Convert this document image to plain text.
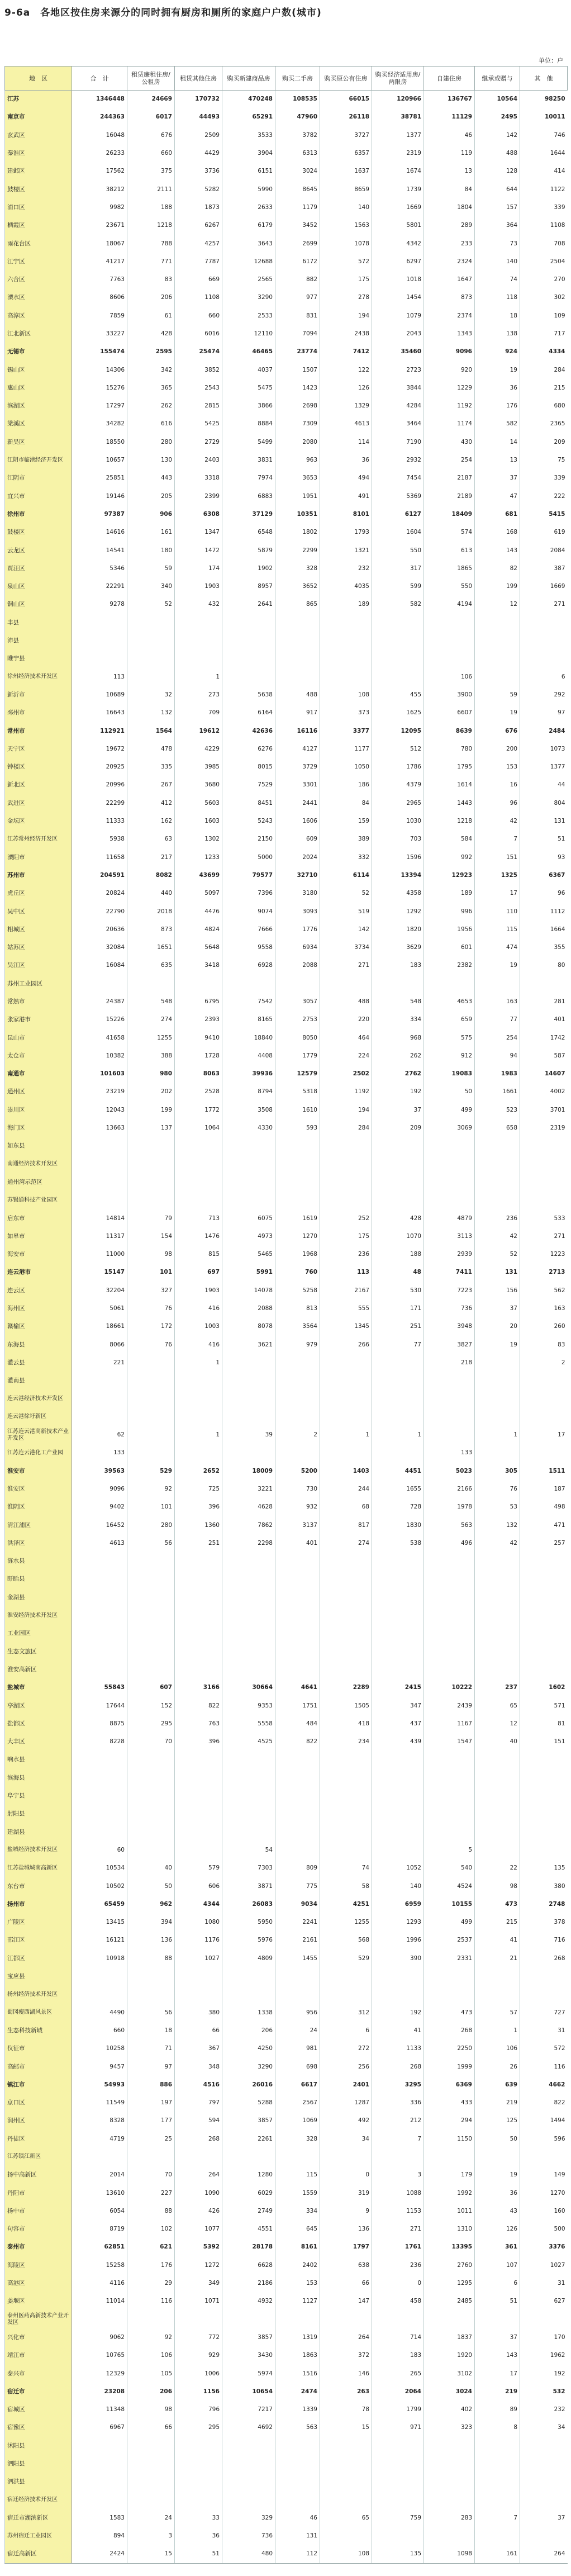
9-6a　各地区按住房来源分的同时拥有厨房和厕所的家庭户户数(城市)
单位：户
地　区	合　计	租赁廉租住房/公租房	租赁其他住房	购买新建商品房	购买二手房	购买原公有住房	购买经济适用房/两限房	自建住房	继承或赠与	其　他
江苏	1346448	24669	170732	470248	108535	66015	120966	136767	10564	98250
南京市	244363	6017	44493	65291	47960	26118	38781	11129	2495	10011
玄武区	16048	676	2509	3533	3782	3727	1377	46	142	746
秦淮区	26233	660	4429	3904	6313	6357	2319	119	488	1644
建邺区	17562	375	3736	6151	3024	1637	1674	13	128	414
鼓楼区	38212	2111	5282	5990	8645	8659	1739	84	644	1122
浦口区	9982	188	1873	2633	1179	140	1669	1804	157	339
栖霞区	23671	1218	6267	6179	3452	1563	5801	289	364	1108
雨花台区	18067	788	4257	3643	2699	1078	4342	233	73	708
江宁区	41217	771	7787	12688	6172	572	6297	2324	140	2504
六合区	7763	83	669	2565	882	175	1018	1647	74	270
溧水区	8606	206	1108	3290	977	278	1454	873	118	302
高淳区	7859	61	660	2533	831	194	1079	2374	18	109
江北新区	33227	428	6016	12110	7094	2438	2043	1343	138	717
无锡市	155474	2595	25474	46465	23774	7412	35460	9096	924	4334
锡山区	14306	342	3852	4037	1507	122	2723	920	19	284
惠山区	15276	365	2543	5475	1423	126	3844	1229	36	215
滨湖区	17297	262	2815	3866	2698	1329	4284	1192	176	680
梁溪区	34282	616	5425	8884	7309	4613	3464	1174	582	2365
新吴区	18550	280	2729	5499	2080	114	7190	430	14	209
江阴市临港经济开发区	10657	130	2403	3831	963	36	2932	254	13	75
江阴市	25851	443	3318	7974	3653	494	7454	2187	37	339
宜兴市	19146	205	2399	6883	1951	491	5369	2189	47	222
徐州市	97387	906	6308	37129	10351	8101	6127	18409	681	5415
鼓楼区	14616	161	1347	6548	1802	1793	1604	574	168	619
云龙区	14541	180	1472	5879	2299	1321	550	613	143	2084
贾汪区	5346	59	174	1902	328	232	317	1865	82	387
泉山区	22291	340	1903	8957	3652	4035	599	550	199	1669
铜山区	9278	52	432	2641	865	189	582	4194	12	271
丰县										
沛县										
睢宁县										
徐州经济技术开发区	113		1					106		6
新沂市	10689	32	273	5638	488	108	455	3900	59	292
邳州市	16643	132	709	6164	917	373	1625	6607	19	97
常州市	112921	1564	19612	42636	16116	3377	12095	8639	676	2484
天宁区	19672	478	4229	6276	4127	1177	512	780	200	1073
钟楼区	20925	335	3985	8015	3729	1050	1786	1795	153	1377
新北区	20996	267	3680	7529	3301	186	4379	1614	16	44
武进区	22299	412	5603	8451	2441	84	2965	1443	96	804
金坛区	11333	162	1603	5243	1606	159	1030	1218	42	131
江苏常州经济开发区	5938	63	1302	2150	609	389	703	584	7	51
溧阳市	11658	217	1233	5000	2024	332	1596	992	151	93
苏州市	204591	8082	43699	79577	32710	6114	13394	12923	1325	6367
虎丘区	20824	440	5097	7396	3180	52	4358	189	17	96
吴中区	22790	2018	4476	9074	3093	519	1292	996	110	1112
相城区	20636	873	4824	7666	1776	142	1820	1956	115	1664
姑苏区	32084	1651	5648	9558	6934	3734	3629	601	474	355
吴江区	16084	635	3418	6928	2088	271	183	2382	19	80
苏州工业园区										
常熟市	24387	548	6795	7542	3057	488	548	4653	163	281
张家港市	15226	274	2393	8165	2753	220	334	659	77	401
昆山市	41658	1255	9410	18840	8050	464	968	575	254	1742
太仓市	10382	388	1728	4408	1779	224	262	912	94	587
南通市	101603	980	8063	39936	12579	2502	2762	19083	1983	14607
通州区	23219	202	2528	8794	5318	1192	192	50	1661	4002
崇川区	12043	199	1772	3508	1610	194	37	499	523	3701
海门区	13663	137	1064	4330	593	284	209	3069	658	2319
如东县										
南通经济技术开发区										
通州湾示范区										
苏锡通科技产业园区										
启东市	14814	79	713	6075	1619	252	428	4879	236	533
如皋市	11317	154	1476	4973	1270	175	1070	3113	42	271
海安市	11000	98	815	5465	1968	236	188	2939	52	1223
连云港市	15147	101	697	5991	760	113	48	7411	131	2713
连云区	32204	327	1903	14078	5258	2167	530	7223	156	562
海州区	5061	76	416	2088	813	555	171	736	37	163
赣榆区	18661	172	1003	8078	3564	1345	251	3948	20	260
东海县	8066	76	416	3621	979	266	77	3827	19	83
灌云县	221		1					218		2
灌南县										
连云港经济技术开发区										
连云港徐圩新区										
江苏连云港高新技术产业开发区	62		1	39	2	1	1		1	17
江苏连云港化工产业园	133							133		
淮安市	39563	529	2652	18009	5200	1403	4451	5023	305	1511
淮安区	9096	92	725	3221	730	244	1655	2166	76	187
淮阴区	9402	101	396	4628	932	68	728	1978	53	498
清江浦区	16452	280	1360	7862	3137	817	1830	563	132	471
洪泽区	4613	56	251	2298	401	274	538	496	42	257
涟水县										
盱眙县										
金湖县										
淮安经济技术开发区										
工业园区										
生态文旅区										
淮安高新区										
盐城市	55843	607	3166	30664	4641	2289	2415	10222	237	1602
亭湖区	17644	152	822	9353	1751	1505	347	2439	65	571
盐都区	8875	295	763	5558	484	418	437	1167	12	81
大丰区	8228	70	396	4525	822	234	439	1547	40	151
响水县										
滨海县										
阜宁县										
射阳县										
建湖县										
盐城经济技术开发区	60			54				5		
江苏盐城城南高新区	10534	40	579	7303	809	74	1052	540	22	135
东台市	10502	50	606	3871	775	58	140	4524	98	380
扬州市	65459	962	4344	26083	9034	4251	6959	10155	473	2748
广陵区	13415	394	1080	5950	2241	1255	1293	499	215	378
邗江区	16121	136	1176	5976	2161	568	1996	2537	41	716
江都区	10918	88	1027	4809	1455	529	390	2331	21	268
宝应县										
扬州经济技术开发区										
蜀冈瘦西湖风景区	4490	56	380	1338	956	312	192	473	57	727
生态科技新城	660	18	66	206	24	6	41	268	1	31
仪征市	10258	71	367	4250	981	272	1133	2250	106	572
高邮市	9457	97	348	3290	698	256	268	1999	26	116
镇江市	54993	886	4516	26016	6617	2401	3295	6369	639	4662
京口区	11549	197	797	5288	2567	1287	336	433	219	822
润州区	8328	177	594	3857	1069	492	212	294	125	1494
丹徒区	4719	25	268	2261	328	34	7	1150	50	596
江苏镇江新区										
扬中高新区	2014	70	264	1280	115	0	3	179	19	149
丹阳市	13610	227	1090	6029	1559	319	1088	1992	36	1270
扬中市	6054	88	426	2749	334	9	1153	1011	43	160
句容市	8719	102	1077	4551	645	136	271	1310	126	500
泰州市	62851	621	5392	28178	8161	1797	1761	13395	361	3376
海陵区	15258	176	1272	6628	2402	638	236	2760	107	1027
高港区	4116	29	349	2186	153	66	0	1295	6	31
姜堰区	11014	116	1071	4932	1127	147	458	2485	51	627
泰州医药高新技术产业开发区										
兴化市	9062	92	772	3857	1319	264	714	1837	37	170
靖江市	10765	106	929	3430	1863	372	183	1920	143	1962
泰兴市	12329	105	1006	5974	1516	146	265	3102	17	192
宿迁市	23208	206	1156	10654	2474	263	2064	3024	219	532
宿城区	11348	98	796	7217	1339	78	1799	402	89	232
宿豫区	6967	66	295	4692	563	15	971	323	8	34
沭阳县										
泗阳县										
泗洪县										
宿迁经济技术开发区										
宿迁市湖滨新区	1583	24	33	329	46	65	759	283	7	37
苏州宿迁工业园区	894	3	36	736	131					
宿迁高新区	2424	15	51	480	112	108	135	1098	161	264
